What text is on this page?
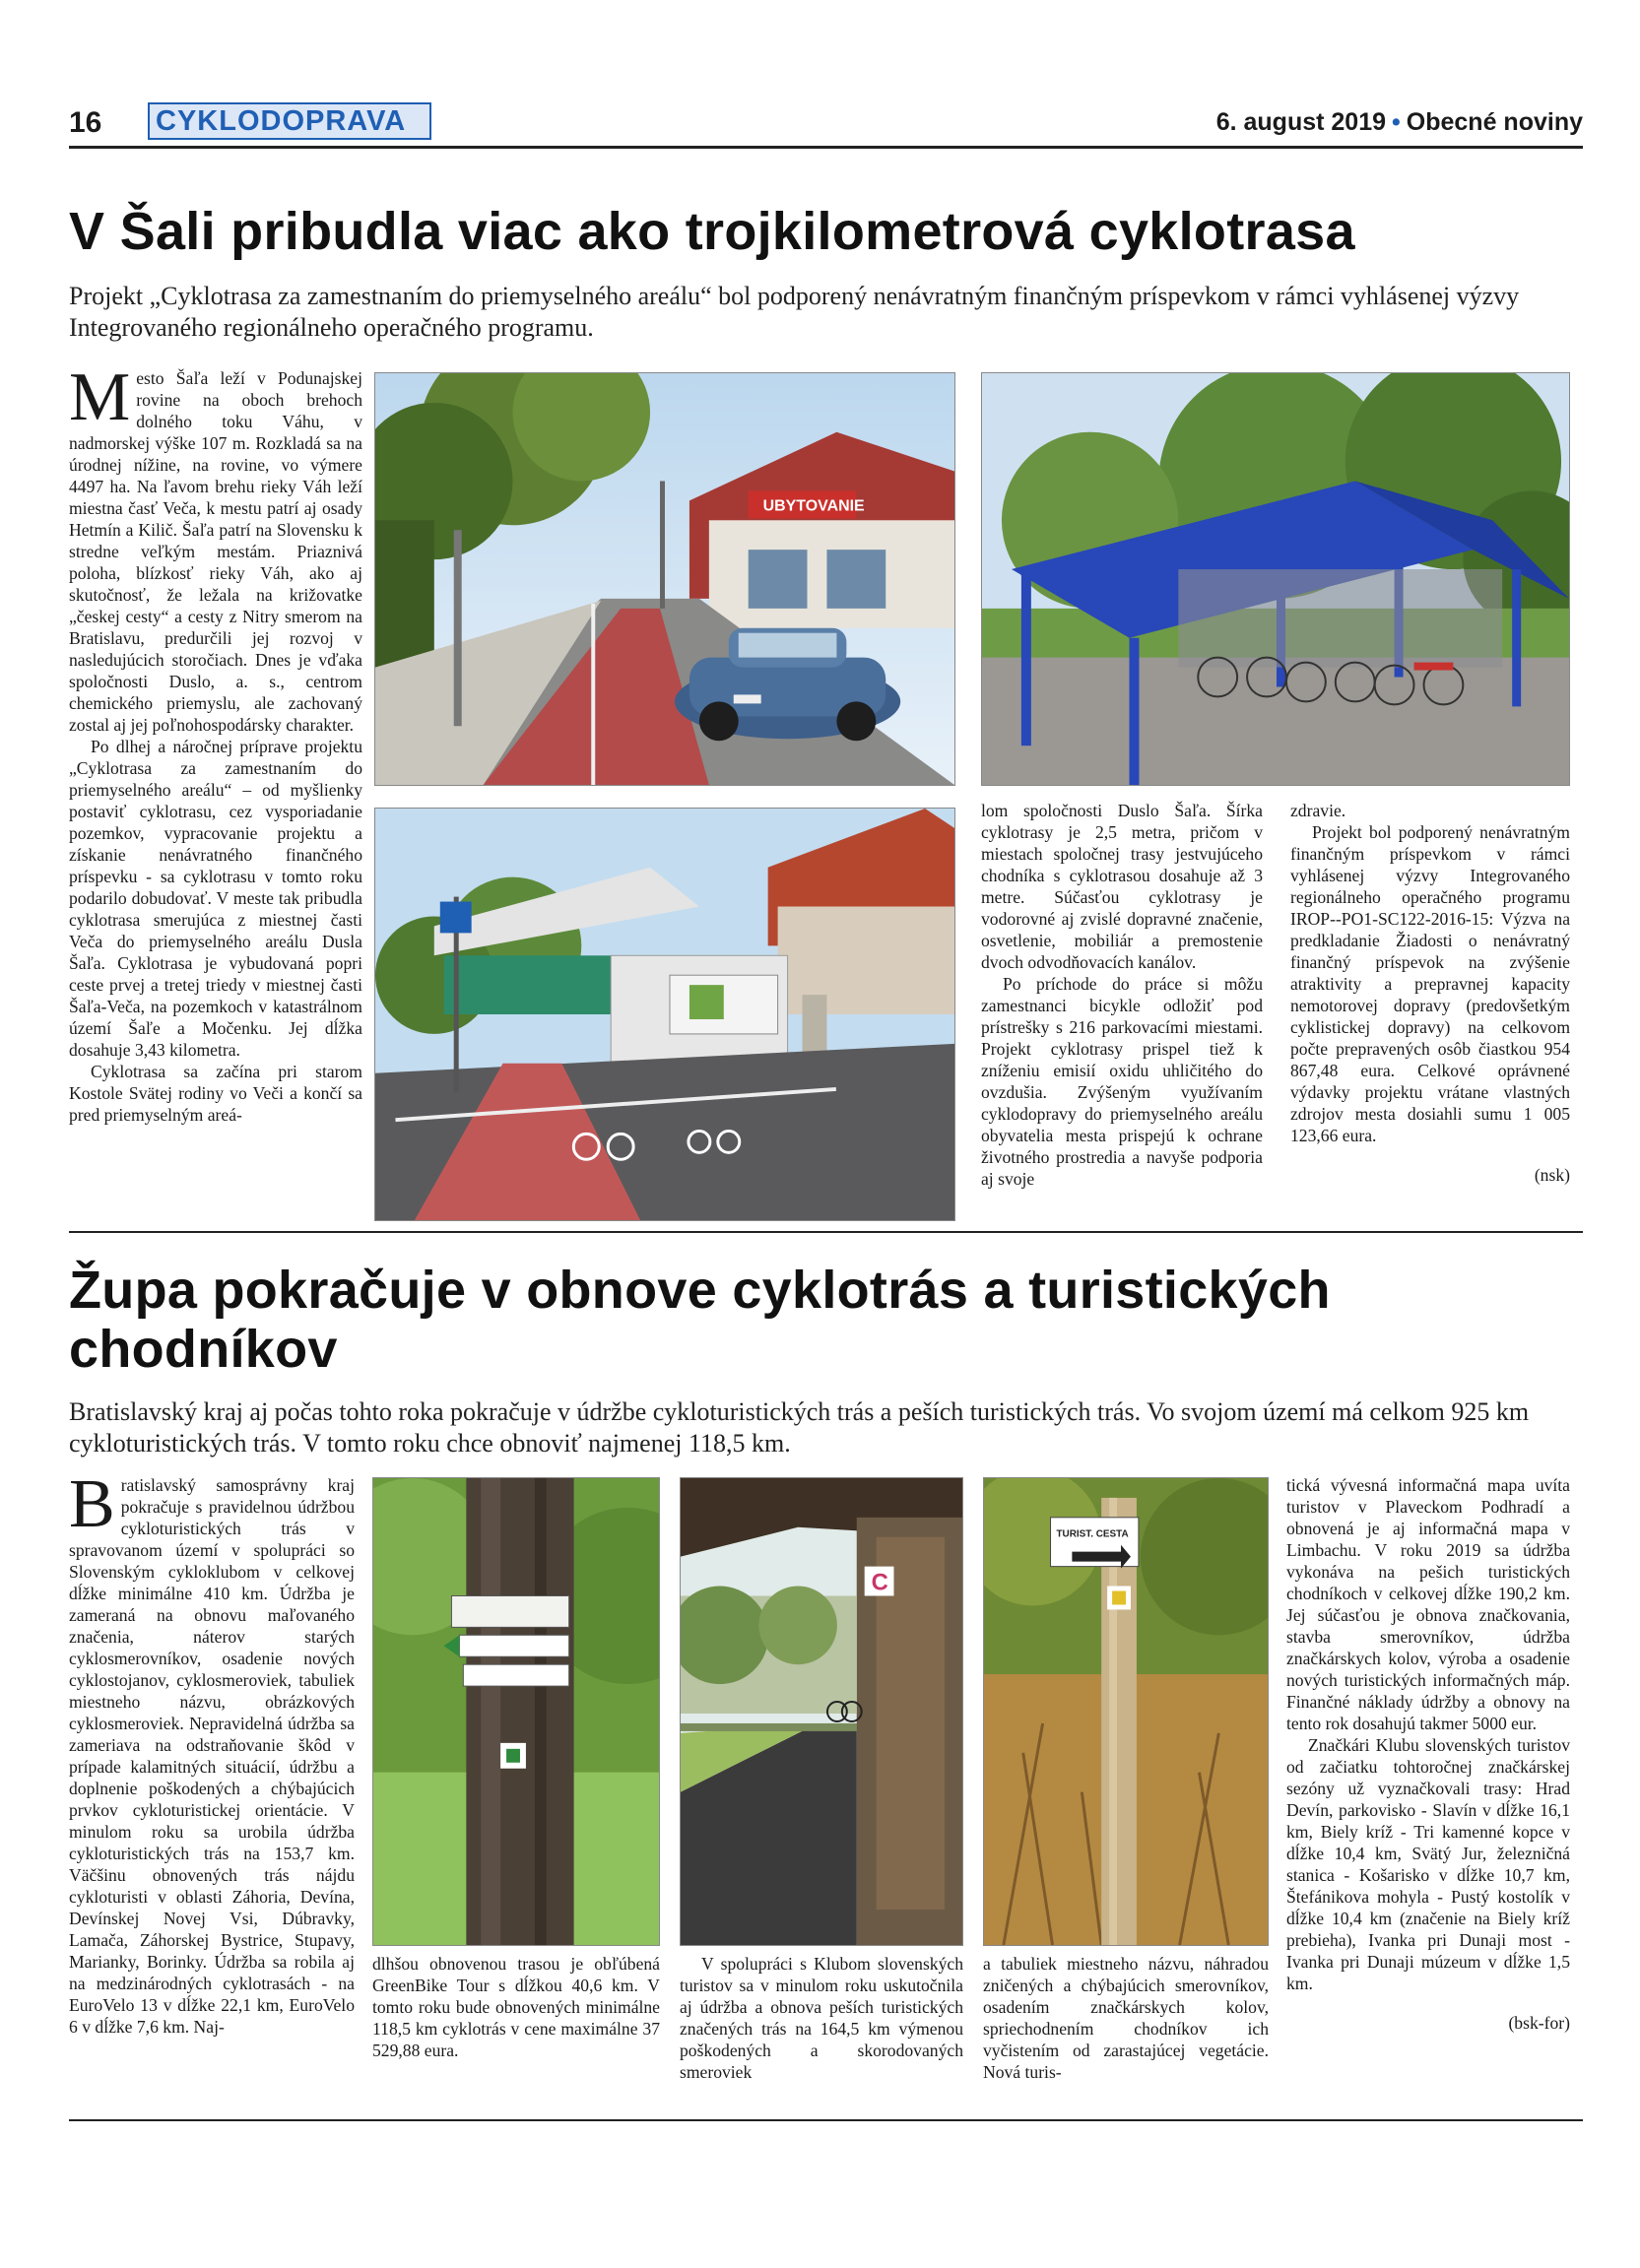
16 CYKLODOPRAVA	6. august 2019 • Obecné noviny
V Šali pribudla viac ako trojkilometrová cyklotrasa
Projekt „Cyklotrasa za zamestnaním do priemyselného areálu“ bol podporený nenávratným finančným príspevkom v rámci vyhlásenej výzvy Integrovaného regionálneho operačného programu.

Mesto Šaľa leží v Podunajskej rovine na oboch brehoch dolného toku Váhu, v nadmorskej výške 107 m. Rozkladá sa na úrodnej nížine, na rovine, vo výmere 4497 ha. Na ľavom brehu rieky Váh leží miestna časť Veča, k mestu patrí aj osady Hetmín a Kilič. Šaľa patrí na Slovensku k stredne veľkým mestám. Priaznivá poloha, blízkosť rieky Váh, ako aj skutočnosť, že ležala na križovatke „českej cesty“ a cesty z Nitry smerom na Bratislavu, predurčili jej rozvoj v nasledujúcich storočiach. Dnes je vďaka spoločnosti Duslo, a. s., centrom chemického priemyslu, ale zachovaný zostal aj jej poľnohospodársky charakter.

Po dlhej a náročnej príprave projektu „Cyklotrasa za zamestnaním do priemyselného areálu“ – od myšlienky postaviť cyklotrasu, cez vysporiadanie pozemkov, vypracovanie projektu a získanie nenávratného finančného príspevku - sa cyklotrasu v tomto roku podarilo dobudovať. V meste tak pribudla cyklotrasa smerujúca z miestnej časti Veča do priemyselného areálu Dusla Šaľa. Cyklotrasa je vybudovaná popri ceste prvej a tretej triedy v miestnej časti Šaľa-Veča, na pozemkoch v katastrálnom území Šaľe a Močenku. Jej dĺžka dosahuje 3,43 kilometra.

Cyklotrasa sa začína pri starom Kostole Svätej rodiny vo Veči a končí sa pred priemyselným areá-

UBYTOVANIE

lom spoločnosti Duslo Šaľa. Šírka cyklotrasy je 2,5 metra, pričom v miestach spoločnej trasy jestvujúceho chodníka s cyklotrasou dosahuje až 3 metre. Súčasťou cyklotrasy je vodorovné aj zvislé dopravné značenie, osvetlenie, mobiliár a premostenie dvoch odvodňovacích kanálov.

Po príchode do práce si môžu zamestnanci bicykle odložiť pod prístrešky s 216 parkovacími miestami. Projekt cyklotrasy prispel tiež k zníženiu emisií oxidu uhličitého do ovzdušia. Zvýšeným využívaním cyklodopravy do priemyselného areálu obyvatelia mesta prispejú k ochrane životného prostredia a navyše podporia aj svoje

zdravie.

Projekt bol podporený nenávratným finančným príspevkom v rámci vyhlásenej výzvy Integrovaného regionálneho operačného programu IROP--PO1-SC122-2016-15: Výzva na predkladanie Žiadosti o nenávratný finančný príspevok na zvýšenie atraktivity a prepravnej kapacity nemotorovej dopravy (predovšetkým cyklistickej dopravy) na celkovom počte prepravených osôb čiastkou 954 867,48 eura. Celkové oprávnené výdavky projektu vrátane vlastných zdrojov mesta dosiahli sumu 1 005 123,66 eura.

(nsk)
Župa pokračuje v obnove cyklotrás a turistických
chodníkov
Bratislavský kraj aj počas tohto roka pokračuje v údržbe cykloturistických trás a peších turistických trás. Vo svojom území má celkom 925 km cykloturistických trás. V tomto roku chce obnoviť najmenej 118,5 km.

Bratislavský samosprávny kraj pokračuje s pravidelnou údržbou cykloturistických trás v spravovanom území v spolupráci so Slovenským cykloklubom v celkovej dĺžke minimálne 410 km. Údržba je zameraná na obnovu maľovaného značenia, náterov starých cyklosmerovníkov, osadenie nových cyklostojanov, cyklosmeroviek, tabuliek miestneho názvu, obrázkových cyklosmeroviek. Nepravidelná údržba sa zameriava na odstraňovanie škôd v prípade kalamitných situácií, údržbu a doplnenie poškodených a chýbajúcich prvkov cykloturistickej orientácie. V minulom roku sa urobila údržba cykloturistických trás na 153,7 km. Väčšinu obnovených trás nájdu cykloturisti v oblasti Záhoria, Devína, Devínskej Novej Vsi, Dúbravky, Lamača, Záhorskej Bystrice, Stupavy, Marianky, Borinky. Údržba sa robila aj na medzinárodných cyklotrasách - na EuroVelo 13 v dĺžke 22,1 km, EuroVelo 6 v dĺžke 7,6 km. Naj-

C
TURIST. CESTA

dlhšou obnovenou trasou je obľúbená GreenBike Tour s dĺžkou 40,6 km. V tomto roku bude obnovených minimálne 118,5 km cyklotrás v cene maximálne 37 529,88 eura.

V spolupráci s Klubom slovenských turistov sa v minulom roku uskutočnila aj údržba a obnova peších turistických značených trás na 164,5 km výmenou poškodených a skorodovaných smeroviek

a tabuliek miestneho názvu, náhradou zničených a chýbajúcich smerovníkov, osadením značkárskych kolov, spriechodnením chodníkov ich vyčistením od zarastajúcej vegetácie. Nová turis-

tická vývesná informačná mapa uvíta turistov v Plaveckom Podhradí a obnovená je aj informačná mapa v Limbachu. V roku 2019 sa údržba vykonáva na pešich turistických chodníkoch v celkovej dĺžke 190,2 km. Jej súčasťou je obnova značkovania, stavba smerovníkov, údržba značkárskych kolov, výroba a osadenie nových turistických informačných máp. Finančné náklady údržby a obnovy na tento rok dosahujú takmer 5000 eur.

Značkári Klubu slovenských turistov od začiatku tohtoročnej značkárskej sezóny už vyznačkovali trasy: Hrad Devín, parkovisko - Slavín v dĺžke 16,1 km, Biely kríž - Tri kamenné kopce v dĺžke 10,4 km, Svätý Jur, železničná stanica - Košarisko v dĺžke 10,7 km, Štefánikova mohyla - Pustý kostolík v dĺžke 10,4 km (značenie na Biely kríž prebieha), Ivanka pri Dunaji most - Ivanka pri Dunaji múzeum v dĺžke 1,5 km.

(bsk-for)
